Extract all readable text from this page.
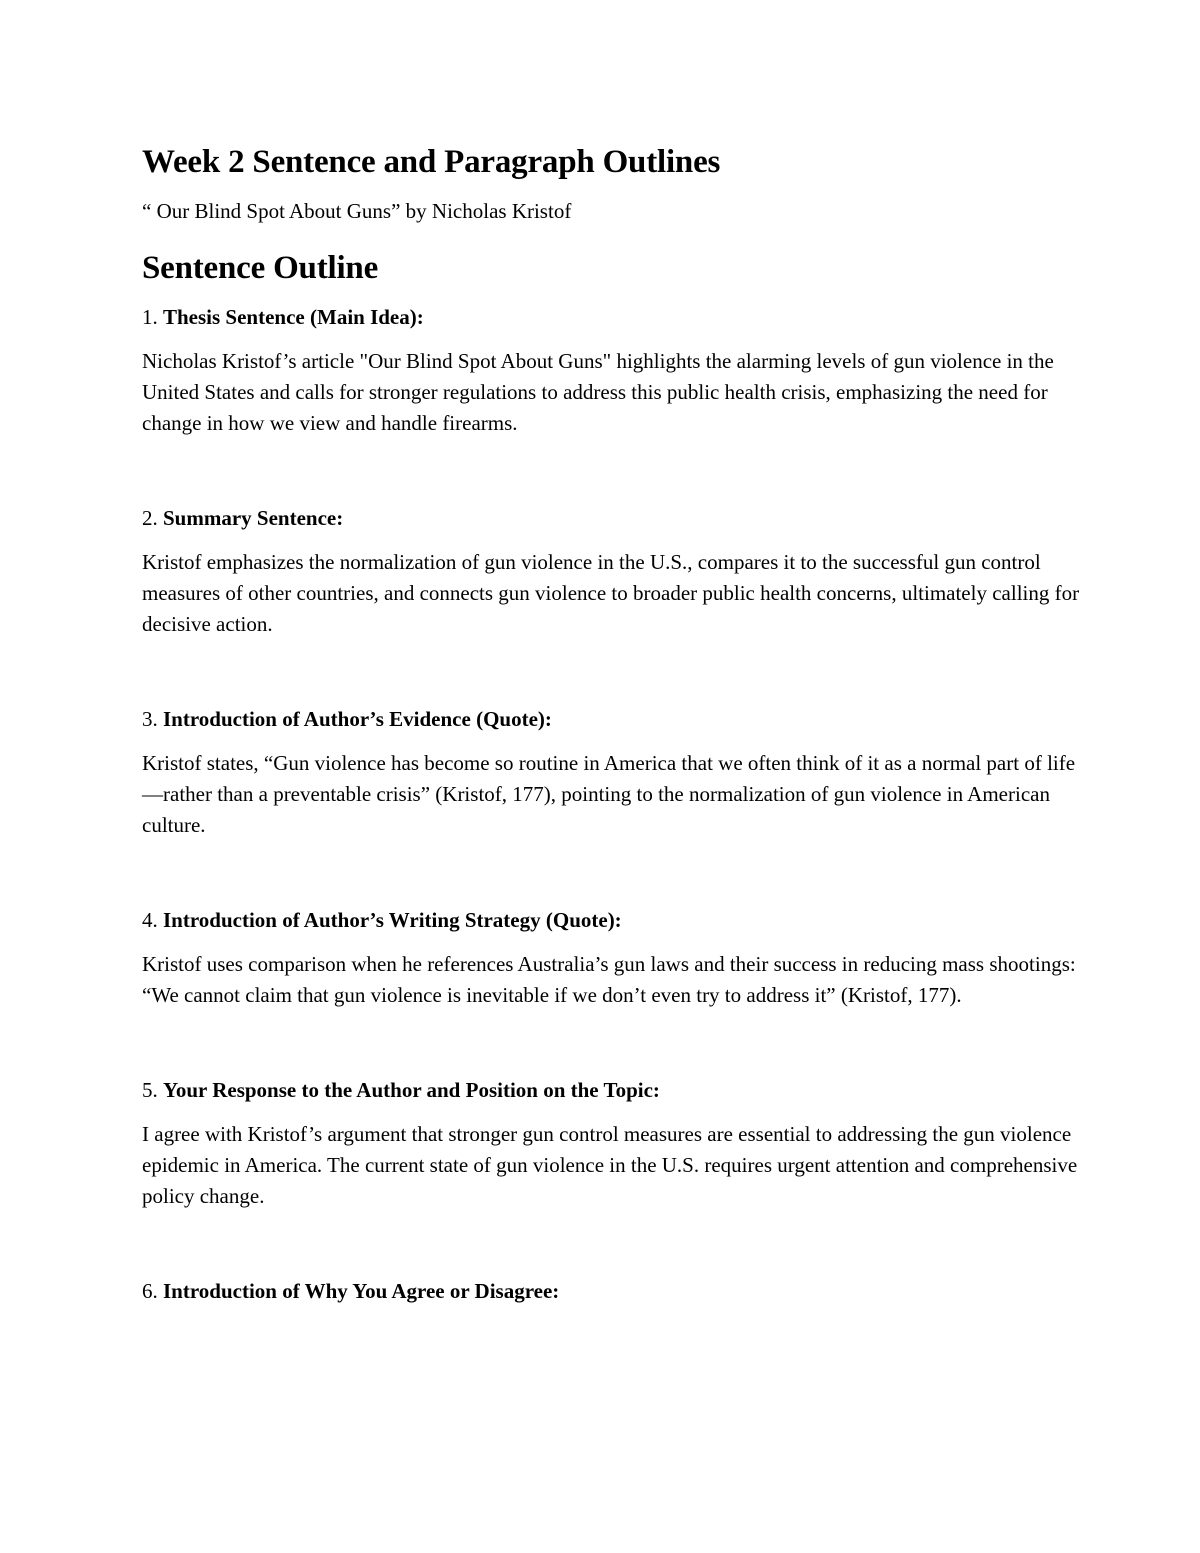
Week 2 Sentence and Paragraph Outlines

“ Our Blind Spot About Guns” by Nicholas Kristof

Sentence Outline

1. Thesis Sentence (Main Idea):

Nicholas Kristof’s article "Our Blind Spot About Guns" highlights the alarming levels of gun violence in the United States and calls for stronger regulations to address this public health crisis, emphasizing the need for change in how we view and handle firearms.

2. Summary Sentence:

Kristof emphasizes the normalization of gun violence in the U.S., compares it to the successful gun control measures of other countries, and connects gun violence to broader public health concerns, ultimately calling for decisive action.

3. Introduction of Author’s Evidence (Quote):

Kristof states, “Gun violence has become so routine in America that we often think of it as a normal part of life—rather than a preventable crisis” (Kristof, 177), pointing to the normalization of gun violence in American culture.

4. Introduction of Author’s Writing Strategy (Quote):

Kristof uses comparison when he references Australia’s gun laws and their success in reducing mass shootings: “We cannot claim that gun violence is inevitable if we don’t even try to address it” (Kristof, 177).

5. Your Response to the Author and Position on the Topic:

I agree with Kristof’s argument that stronger gun control measures are essential to addressing the gun violence epidemic in America. The current state of gun violence in the U.S. requires urgent attention and comprehensive policy change.

6. Introduction of Why You Agree or Disagree:
